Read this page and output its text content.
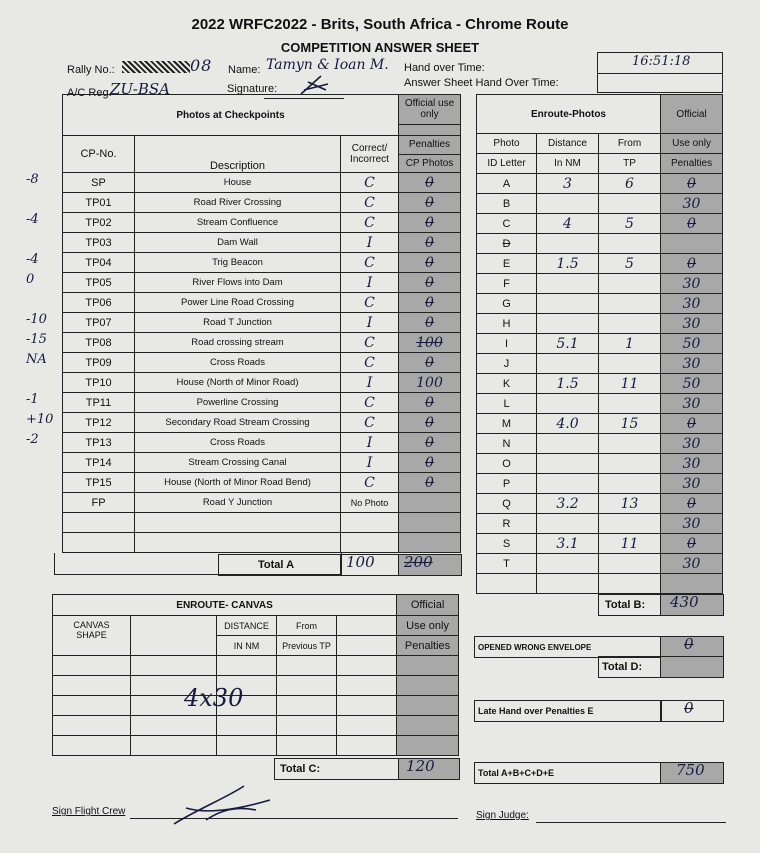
2022 WRFC2022 - Brits, South Africa - Chrome Route
COMPETITION ANSWER SHEET
Rally No.:	08 Name: Tamyn & Ioan M.
A/C Reg.
ZU-BSA	Signature:
Hand over Time:
Answer Sheet Hand Over Time:
16:51:18
Photos at Checkpoints			Official use only

CP-No.	Description	Correct/ Incorrect	Penalties
			CP Photos
SP	House	C	0
TP01	Road River Crossing	C	0
TP02	Stream Confluence	C	0
TP03	Dam Wall	I	0
TP04	Trig Beacon	C	0
TP05	River Flows into Dam	I	0
TP06	Power Line Road Crossing	C	0
TP07	Road T Junction	I	0
TP08	Road crossing stream	C	100
TP09	Cross Roads	C	0
TP10	House (North of Minor Road)	I	100
TP11	Powerline Crossing	C	0
TP12	Secondary Road Stream Crossing	C	0
TP13	Cross Roads	I	0
TP14	Stream Crossing Canal	I	0
TP15	House (North of Minor Road Bend)	C	0
FP	Road Y Junction	No Photo	

-8
-4
-4
0
-10
-15
NA
-1
+10
-2
Total A	100 200
Enroute-Photos			Official
Photo	Distance	From	Use only
ID Letter	In NM	TP	Penalties
A	3	6	0
B			30
C	4	5	0
D			
E	1.5	5	0
F			30
G			30
H			30
I	5.1	1	50
J			30
K	1.5	11	50
L			30
M	4.0	15	0
N			30
O			30
P			30
Q	3.2	13	0
R			30
S	3.1	11	0
T			30

Total B: 430
ENROUTE- CANVAS					Official
CANVAS
SHAPE		DISTANCE	From		Use only
		IN NM	Previous TP		Penalties

4x30
Total C:	120
OPENED WRONG ENVELOPE	0
Total D:
Late Hand over Penalties E	0
Total A+B+C+D+E	750
Sign Flight Crew	Sign Judge:
